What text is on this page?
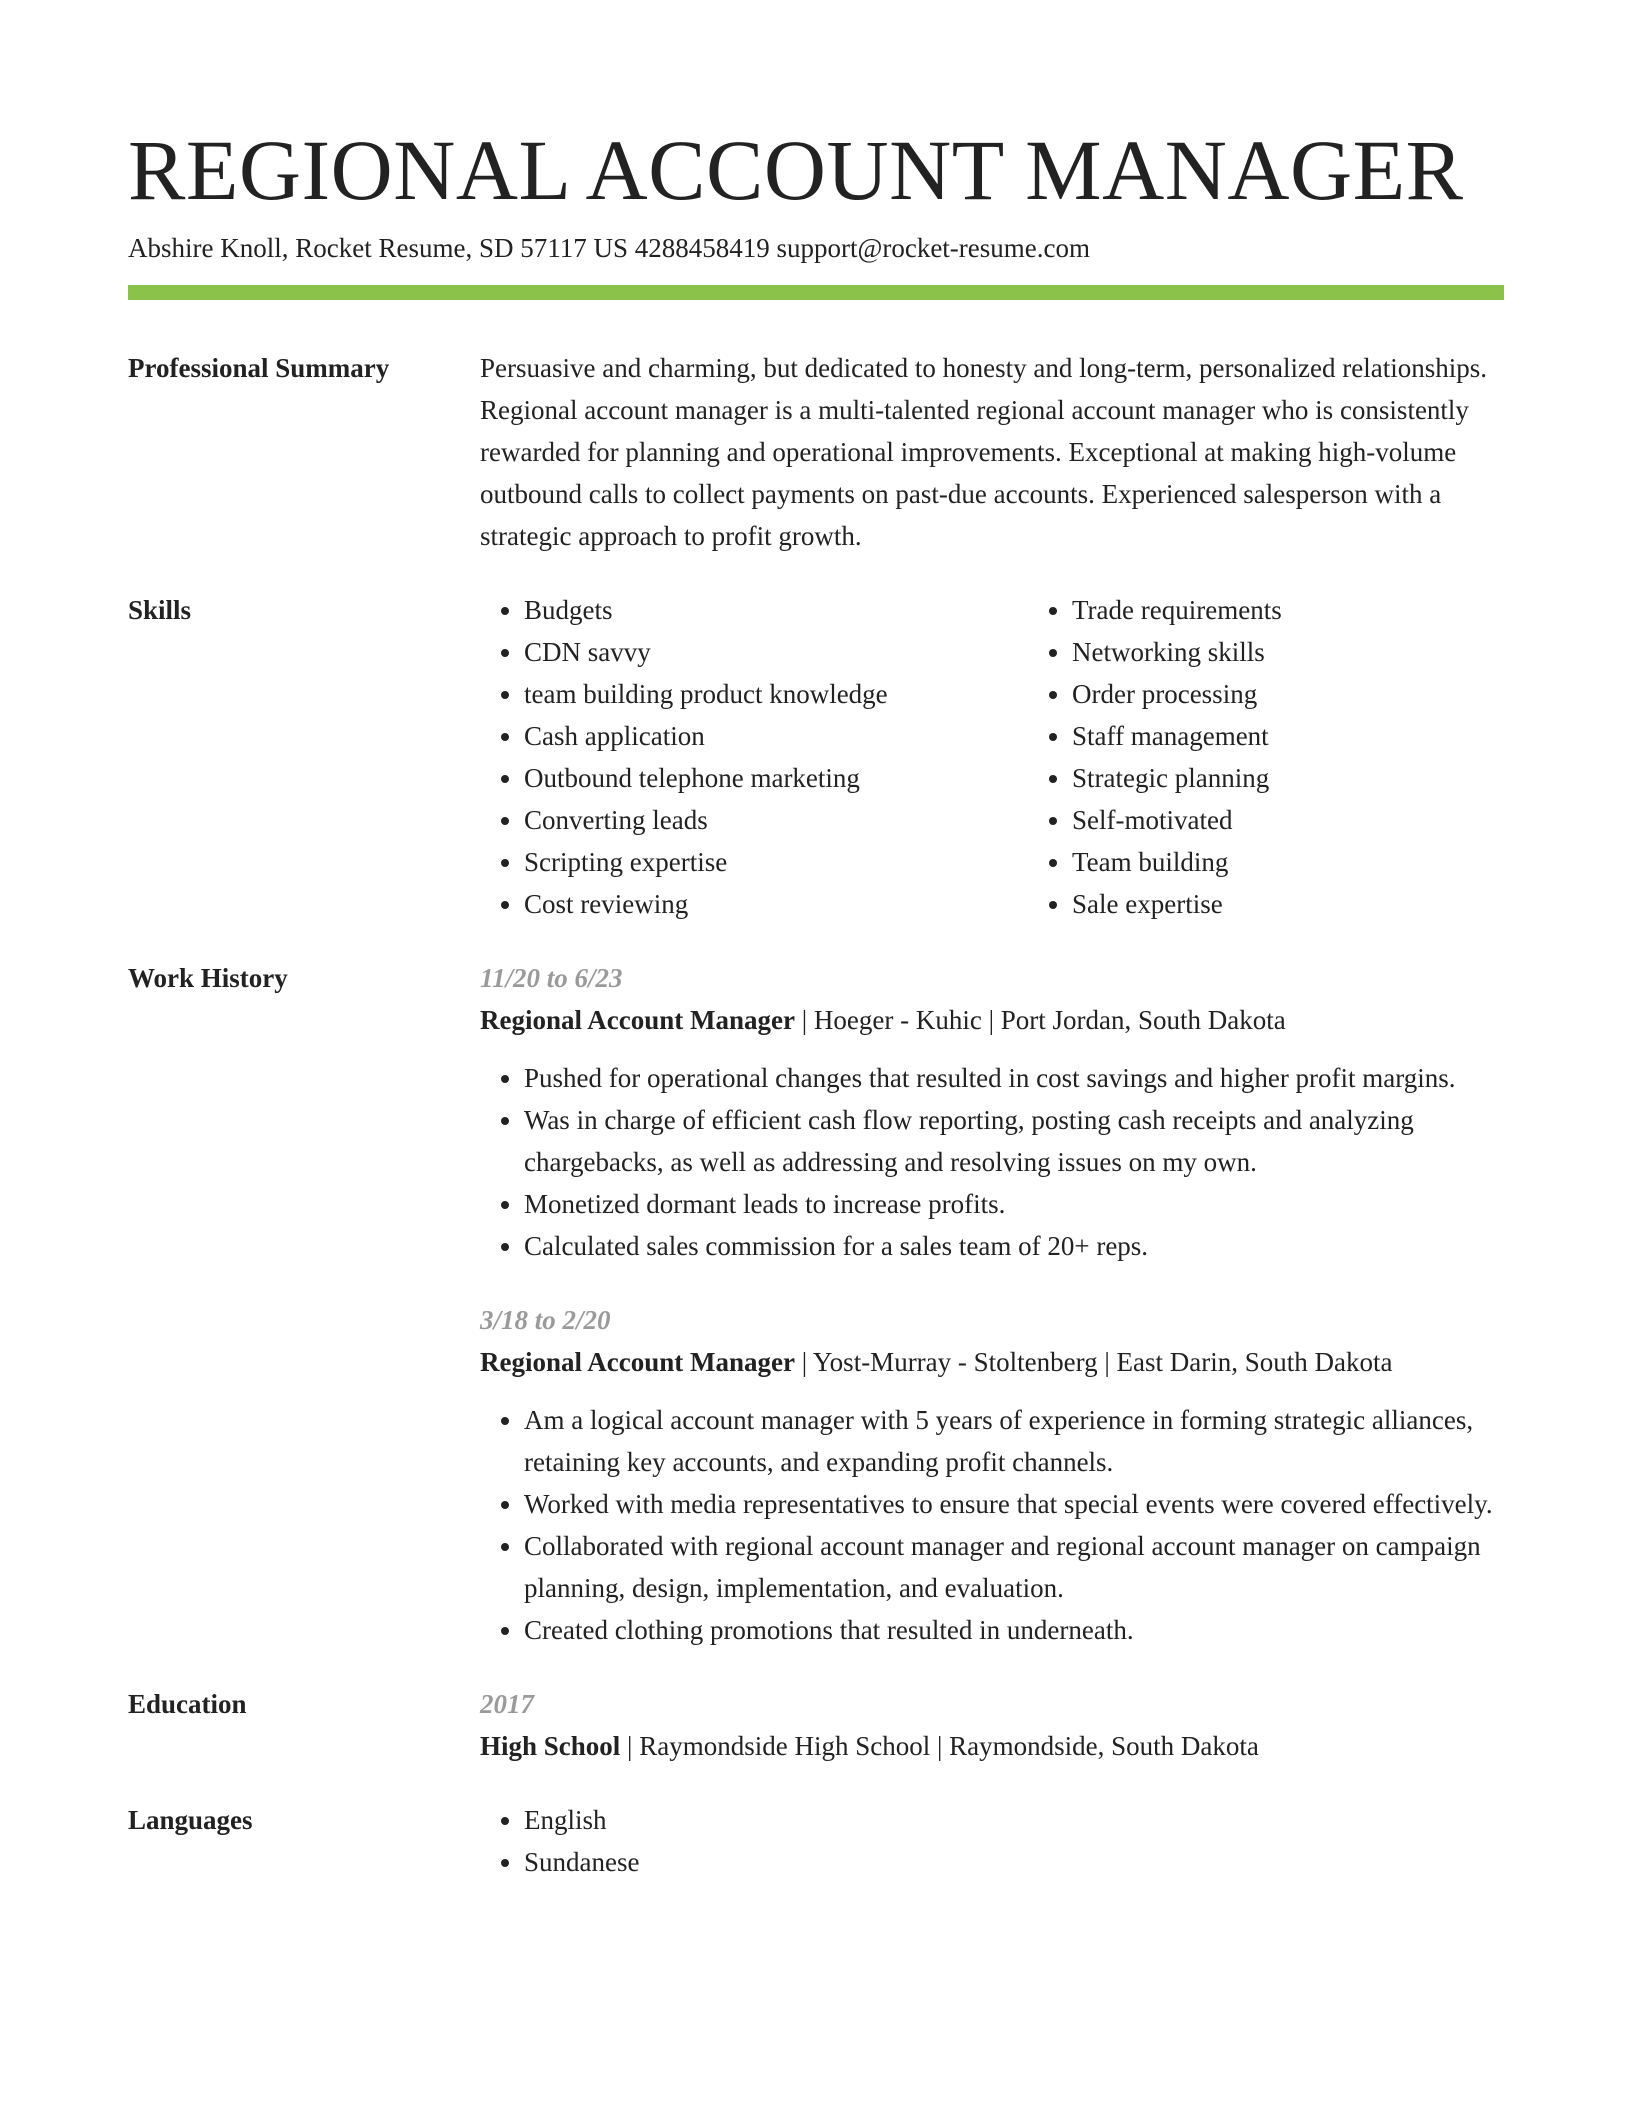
REGIONAL ACCOUNT MANAGER
Abshire Knoll, Rocket Resume, SD 57117 US 4288458419 support@rocket-resume.com
Professional Summary	Persuasive and charming, but dedicated to honesty and long-term, personalized relationships. Regional account manager is a multi-talented regional account manager who is consistently rewarded for planning and operational improvements. Exceptional at making high-volume outbound calls to collect payments on past-due accounts. Experienced salesperson with a strategic approach to profit growth.
Skills	• Budgets
• CDN savvy
• team building product knowledge
• Cash application
• Outbound telephone marketing
• Converting leads
• Scripting expertise
• Cost reviewing
• Trade requirements
• Networking skills
• Order processing
• Staff management
• Strategic planning
• Self-motivated
• Team building
• Sale expertise
Work History	11/20 to 6/23
Regional Account Manager | Hoeger - Kuhic | Port Jordan, South Dakota
• Pushed for operational changes that resulted in cost savings and higher profit margins.
• Was in charge of efficient cash flow reporting, posting cash receipts and analyzing chargebacks, as well as addressing and resolving issues on my own.
• Monetized dormant leads to increase profits.
• Calculated sales commission for a sales team of 20+ reps.
3/18 to 2/20
Regional Account Manager | Yost-Murray - Stoltenberg | East Darin, South Dakota
• Am a logical account manager with 5 years of experience in forming strategic alliances, retaining key accounts, and expanding profit channels.
• Worked with media representatives to ensure that special events were covered effectively.
• Collaborated with regional account manager and regional account manager on campaign planning, design, implementation, and evaluation.
• Created clothing promotions that resulted in underneath.
Education	2017
High School | Raymondside High School | Raymondside, South Dakota
Languages	• English
• Sundanese
